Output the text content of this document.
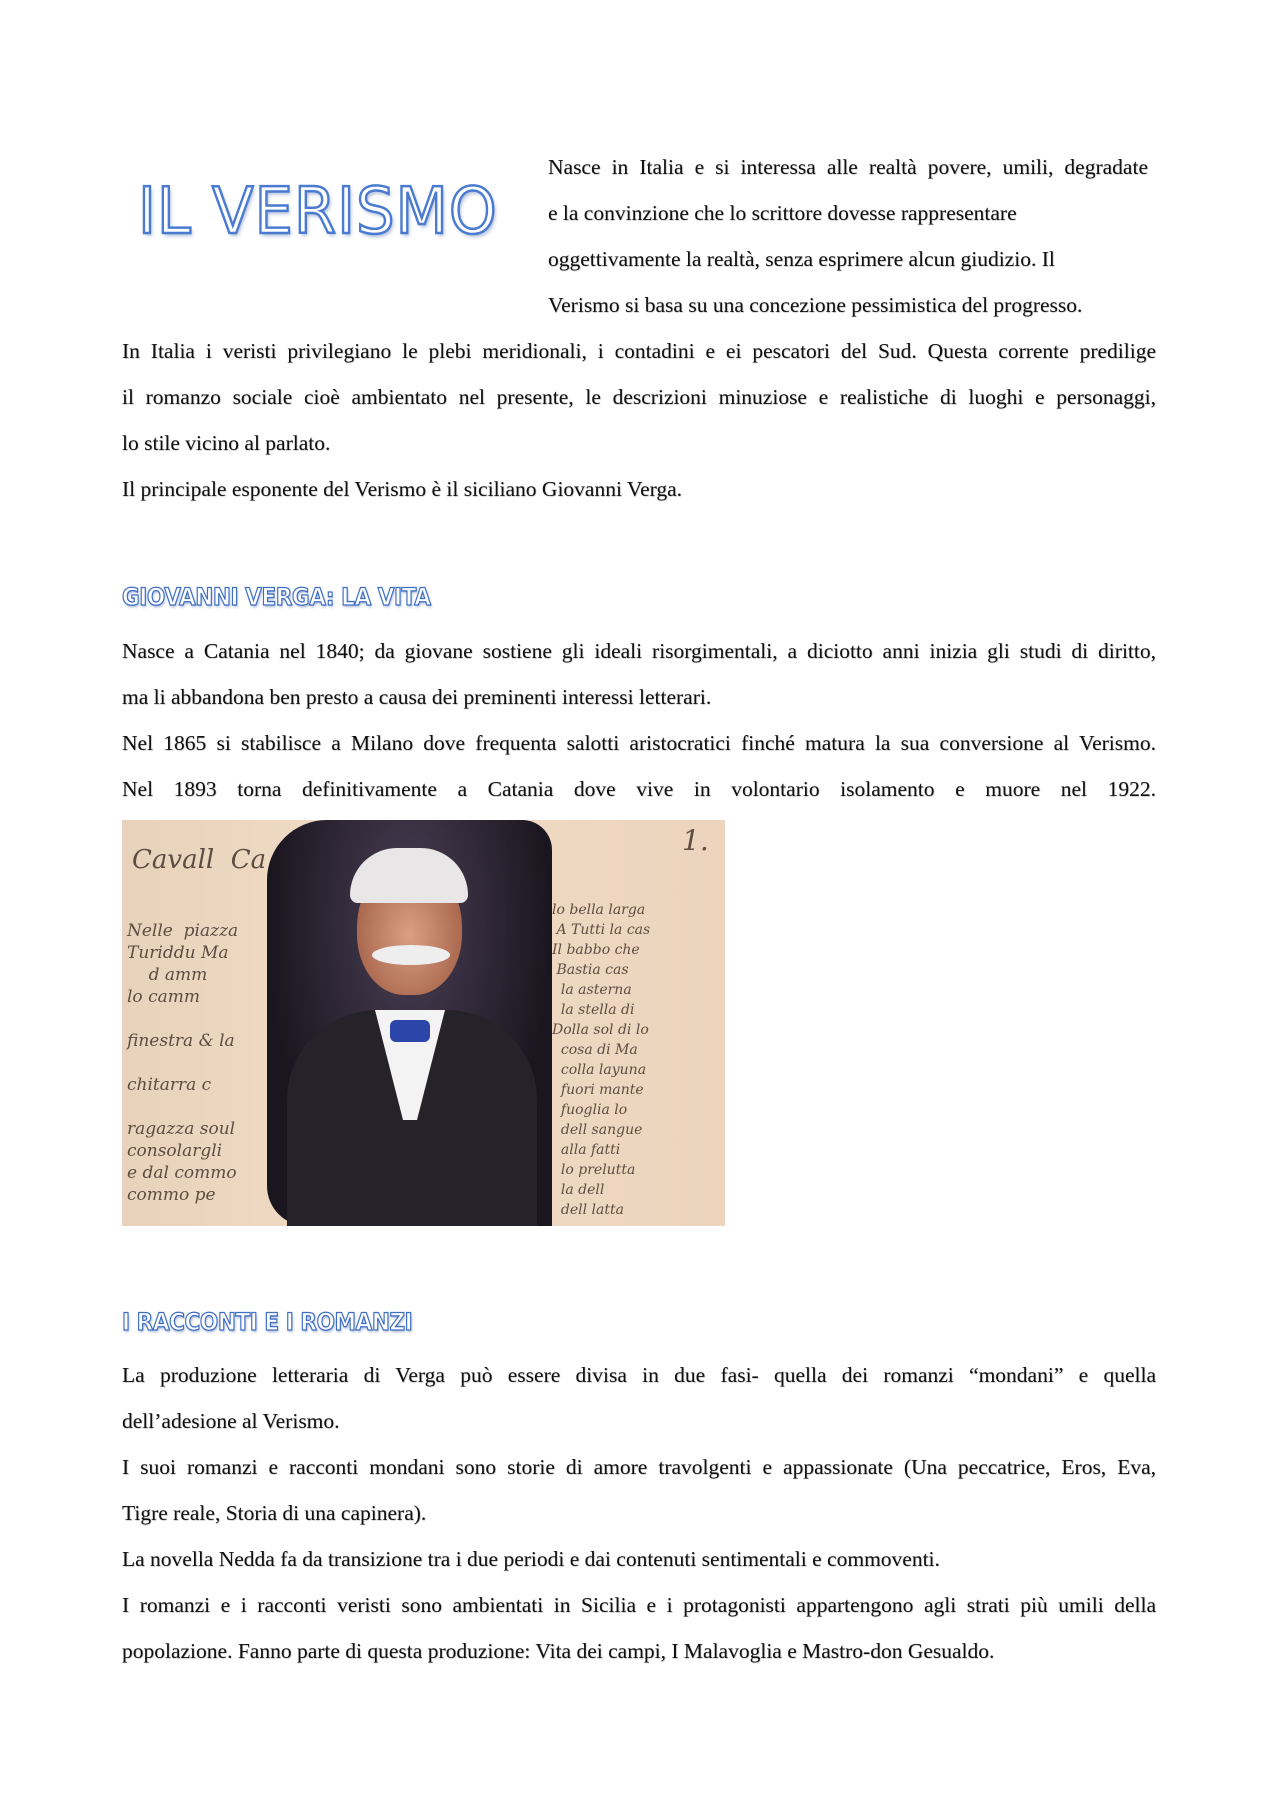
IL VERISMO
Nasce in Italia e si interessa alle realtà povere, umili, degradate
e la convinzione che lo scrittore dovesse rappresentare
oggettivamente la realtà, senza esprimere alcun giudizio. Il
Verismo si basa su una concezione pessimistica del progresso.
In Italia i veristi privilegiano le plebi meridionali, i contadini e ei pescatori del Sud. Questa corrente predilige
il romanzo sociale cioè ambientato nel presente, le descrizioni minuziose e realistiche di luoghi e personaggi,
lo stile vicino al parlato.
Il principale esponente del Verismo è il siciliano Giovanni Verga.
GIOVANNI VERGA: LA VITA
Nasce a Catania nel 1840; da giovane sostiene gli ideali risorgimentali, a diciotto anni inizia gli studi di diritto,
ma li abbandona ben presto a causa dei preminenti interessi letterari.
Nel 1865 si stabilisce a Milano dove frequenta salotti aristocratici finché matura la sua conversione al Verismo.
Nel 1893 torna definitivamente a Catania dove vive in volontario isolamento e muore nel 1922.
Cavall  Ca
Nelle  piazza
Turiddu Ma
d amm
lo camm

finestra & la

chitarra c

ragazza soul
consolargli
e dal commo
commo pe
lo bella larga
A Tutti la cas
Il babbo che
Bastia cas
la asterna
la stella di
Dolla sol di lo
cosa di Ma
colla layuna
fuori mante
fuoglia lo
dell sangue
alla fatti
lo prelutta
la dell
dell latta
1.
I RACCONTI E I ROMANZI
La produzione letteraria di Verga può essere divisa in due fasi- quella dei romanzi “mondani” e quella
dell’adesione al Verismo.
I suoi romanzi e racconti mondani sono storie di amore travolgenti e appassionate (Una peccatrice, Eros, Eva,
Tigre reale, Storia di una capinera).
La novella Nedda fa da transizione tra i due periodi e dai contenuti sentimentali e commoventi.
I romanzi e i racconti veristi sono ambientati in Sicilia e i protagonisti appartengono agli strati più umili della
popolazione. Fanno parte di questa produzione: Vita dei campi, I Malavoglia e Mastro-don Gesualdo.
